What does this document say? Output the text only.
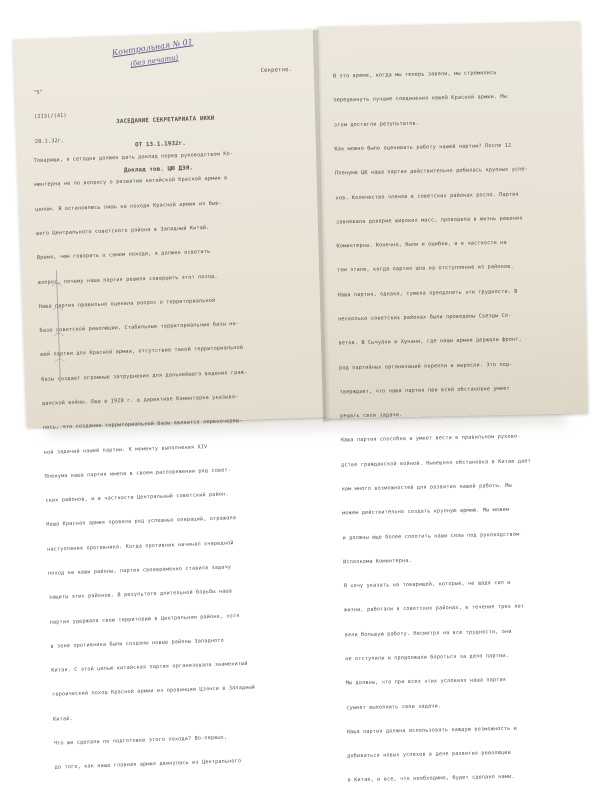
Контрольная № 01
(без печати)

"5"

(213)/(41)

28.1.32г.

Секретно.

ЗАСЕДАНИЕ СЕКРЕТАРИАТА ИККИ

ОТ 13.1.1932г.

Доклад тов. ЦЮ ДЭЯ.

Товарищи, я сегодня должен дать доклад перед руководством Ко-

минтерна не по вопросу о развитии китайской Красной армии в

целом. Я остановлюсь лишь на походе Красной армии из быв-

шего Центрального советского района в Западный Китай.

Время, чем говорить о самом походе, я должен осветить

вопрос, почему наша партия решила совершить этот поход.

Наша партия правильно оценила вопрос о территориальной

базе советской революции. Стабильные территориальные базы на-

шей партии для Красной армии, отсутствие такой территориальной

базы создает огромные затруднения для дальнейшего ведения граж-

данской войны. Еще в 1928 г. в директиве Коминтерна указыва-

лось, что создание территориальной базы является первоочеред-

ной задачей нашей партии. К моменту выполнения XIV

Пленума наша партия имела в своем распоряжении ряд совет-

ских районов, и в частности Центральный советский район.

Наша Красная армия провела ряд успешных операций, отражала

наступления противника. Когда противник начинал очередной

поход на наши районы, партия своевременно ставила задачу

защиты этих районов. В результате длительной борьбы наша

партия удержала свою территорию в Центральном районе, хотя

в зоне противника были созданы новые районы Западного

Китая. С этой целью китайская партия организовала знаменитый

героический поход Красной армии из провинции Цзянси в Западный

Китай.

Что же сделали по подготовке этого похода? Во-первых,

до того, как наша главная армия двинулась из Центрального

В это время, когда мы теперь завели, мы стремились

передвинуть лучшие соединения нашей Красной армии. Мы

этом достигли результатов.

Как можно было оценивать работу нашей партии? После 12

Пленума ЦК наша партия действительно добилась крупных успе-

хов. Количество членов в советских районах росло. Партия

завоевала доверие широких масс, проводила в жизнь решения

Коминтерна. Конечно, были и ошибки, и в частности на

том этапе, когда партия шла на отступление из районов.

Наша партия, однако, сумела преодолеть эти трудности. В

несколько советских районах были проведены Съезды Со-

ветов. В Сычуани и Хунани, где наши армии держали фронт,

ряд партийных организаций окрепли и выросли. Это под-

тверждает, что наша партия при всей обстановке умеет

решать свои задачи.

Наша партия способна и умеет вести в правильном руково-

дстве гражданской войной. Нынешняя обстановка в Китае дает

нам много возможностей для развития нашей работы. Мы

можем действительно создать крупную армию. Мы можем

и должны еще более сплотить наши силы под руководством

Исполкома Коминтерна.

Я хочу указать на товарищей, которые, не щадя сил и

жизни, работали в советских районах, в течение трех лет

вели большую работу. Несмотря на все трудности, они

не отступили и продолжали бороться за дело партии.

Мы должны, что при всех этих условиях наша партия

сумеет выполнить свои задачи.

Наша партия должна использовать каждую возможность и

добиваться новых успехов в деле развития революции

в Китае, и все, что необходимо, будет сделано нами.
